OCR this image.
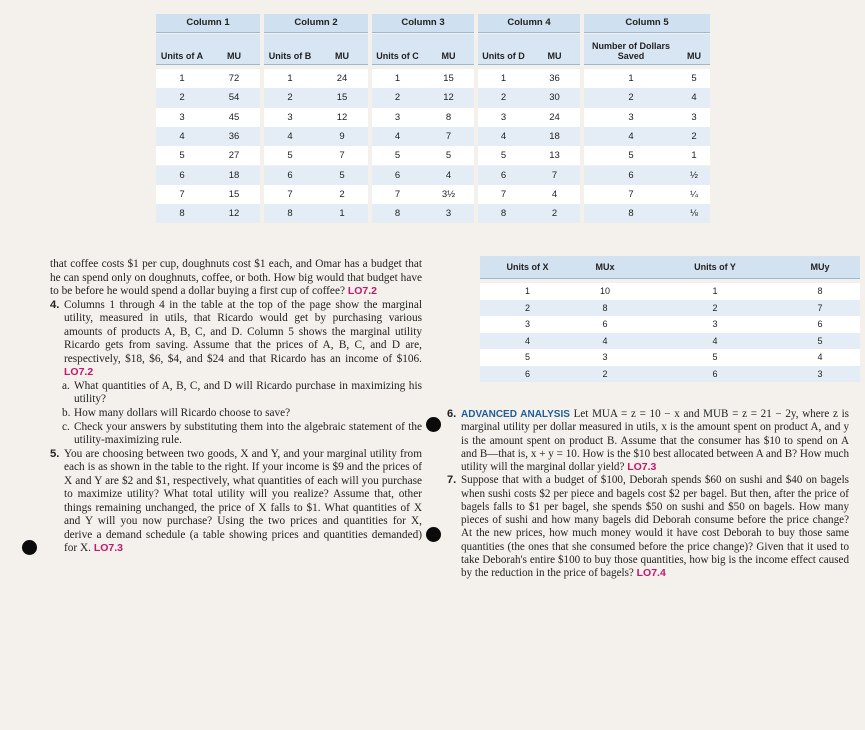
Column 1
Units of A	MU
1	72
2	54
3	45
4	36
5	27
6	18
7	15
8	12
Column 2
Units of B	MU
1	24
2	15
3	12
4	9
5	7
6	5
7	2
8	1
Column 3
Units of C	MU
1	15
2	12
3	8
4	7
5	5
6	4
7	3½
8	3
Column 4
Units of D	MU
1	36
2	30
3	24
4	18
5	13
6	7
7	4
8	2
Column 5
Number of Dollars Saved	MU
1	5
2	4
3	3
4	2
5	1
6	½
7	¼
8	⅛

that coffee costs $1 per cup, doughnuts cost $1 each, and Omar has a budget that he can spend only on doughnuts, coffee, or both. How big would that budget have to be before he would spend a dollar buying a first cup of coffee? LO7.2

4. Columns 1 through 4 in the table at the top of the page show the marginal utility, measured in utils, that Ricardo would get by purchasing various amounts of products A, B, C, and D. Column 5 shows the marginal utility Ricardo gets from saving. Assume that the prices of A, B, C, and D are, respectively, $18, $6, $4, and $24 and that Ricardo has an income of $106. LO7.2

a. What quantities of A, B, C, and D will Ricardo purchase in maximizing his utility?

b. How many dollars will Ricardo choose to save?

c. Check your answers by substituting them into the algebraic statement of the utility-maximizing rule.

5. You are choosing between two goods, X and Y, and your marginal utility from each is as shown in the table to the right. If your income is $9 and the prices of X and Y are $2 and $1, respectively, what quantities of each will you purchase to maximize utility? What total utility will you realize? Assume that, other things remaining unchanged, the price of X falls to $1. What quantities of X and Y will you now purchase? Using the two prices and quantities for X, derive a demand schedule (a table showing prices and quantities demanded) for X. LO7.3

Units of X	MUx	Units of Y	MUy
1	10	1	8
2	8	2	7
3	6	3	6
4	4	4	5
5	3	5	4
6	2	6	3

6. ADVANCED ANALYSIS Let MUA = z = 10 − x and MUB = z = 21 − 2y, where z is marginal utility per dollar measured in utils, x is the amount spent on product A, and y is the amount spent on product B. Assume that the consumer has $10 to spend on A and B—that is, x + y = 10. How is the $10 best allocated between A and B? How much utility will the marginal dollar yield? LO7.3

7. Suppose that with a budget of $100, Deborah spends $60 on sushi and $40 on bagels when sushi costs $2 per piece and bagels cost $2 per bagel. But then, after the price of bagels falls to $1 per bagel, she spends $50 on sushi and $50 on bagels. How many pieces of sushi and how many bagels did Deborah consume before the price change? At the new prices, how much money would it have cost Deborah to buy those same quantities (the ones that she consumed before the price change)? Given that it used to take Deborah's entire $100 to buy those quantities, how big is the income effect caused by the reduction in the price of bagels? LO7.4
